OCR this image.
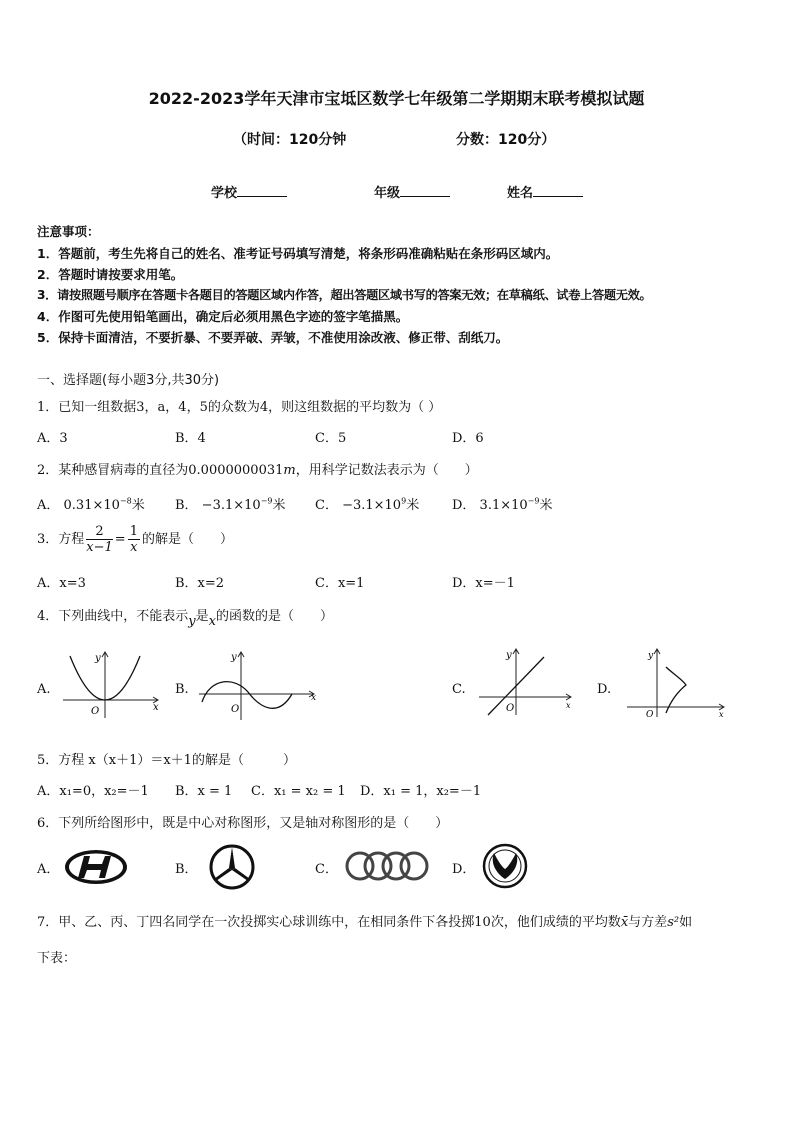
2022-2023学年天津市宝坻区数学七年级第二学期期末联考模拟试题
（时间：120分钟	分数：120分）
学校	年级	姓名
注意事项：
1．答题前，考生先将自己的姓名、准考证号码填写清楚，将条形码准确粘贴在条形码区域内。
2．答题时请按要求用笔。
3．请按照题号顺序在答题卡各题目的答题区域内作答，超出答题区域书写的答案无效；在草稿纸、试卷上答题无效。
4．作图可先使用铅笔画出，确定后必须用黑色字迹的签字笔描黑。
5．保持卡面清洁，不要折暴、不要弄破、弄皱，不准使用涂改液、修正带、刮纸刀。
一、选择题(每小题3分,共30分)
1．已知一组数据3，a，4，5的众数为4，则这组数据的平均数为（ ）
A．3	B．4	C．5	D．6
2．某种感冒病毒的直径为0.0000000031m，用科学记数法表示为（　　）
A． $0.31\times 10^{-8}$米 B． $-3.1\times 10^{-9}$米 C． $-3.1\times 10^9$米	D． $3.1\times 10^{-9}$米
3．方程 $\frac{2}{x-1} = \frac{1}{x}$ 的解是（　　）
A．x=3	B．x=2	C．x=1	D．x=－1
4．下列曲线中，不能表示y是x的函数的是（　　）
A.
y
x
O
B.
y
x
O
C.
y
x
O
D.
y
x
O
5．方程 x（x＋1）＝x＋1的解是（　　　）
A．x₁=0，x₂=－1 B．x = 1 C．x₁ = x₂ = 1 D．x₁ = 1，x₂=－1
6．下列所给图形中，既是中心对称图形，又是轴对称图形的是（　　）
A．	B．	C．	D．
7．甲、乙、丙、丁四名同学在一次投掷实心球训练中，在相同条件下各投掷10次，他们成绩的平均数x̄与方差s²如
下表：
